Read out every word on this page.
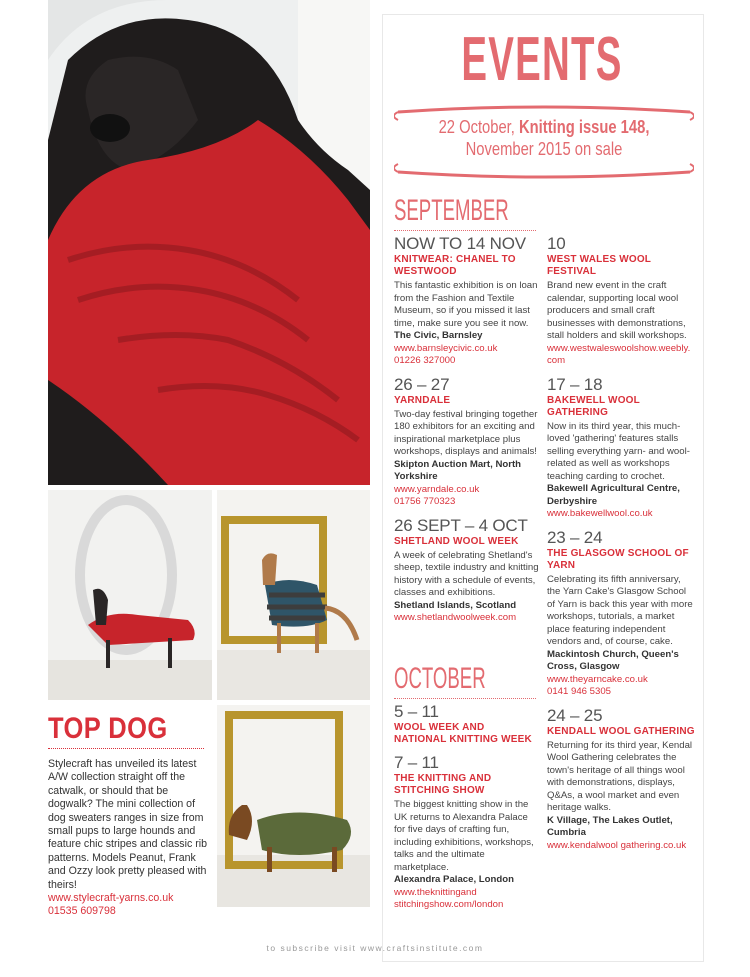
TOP DOG
Stylecraft has unveiled its latest A/W collection straight off the catwalk, or should that be dogwalk? The mini collection of dog sweaters ranges in size from small pups to large hounds and feature chic stripes and classic rib patterns. Models Peanut, Frank and Ozzy look pretty pleased with theirs!
www.stylecraft-yarns.co.uk
01535 609798
EVENTS
22 October, Knitting issue 148,
November 2015 on sale
SEPTEMBER
NOW TO 14 NOV
KNITWEAR: CHANEL TO WESTWOOD
This fantastic exhibition is on loan from the Fashion and Textile Museum, so if you missed it last time, make sure you see it now.
The Civic, Barnsley
www.barnsleycivic.co.uk
01226 327000
26 – 27
YARNDALE
Two-day festival bringing together 180 exhibitors for an exciting and inspirational marketplace plus workshops, displays and animals!
Skipton Auction Mart, North Yorkshire
www.yarndale.co.uk
01756 770323
26 SEPT – 4 OCT
SHETLAND WOOL WEEK
A week of celebrating Shetland's sheep, textile industry and knitting history with a schedule of events, classes and exhibitions.
Shetland Islands, Scotland
www.shetlandwoolweek.com
OCTOBER
5 – 11
WOOL WEEK AND NATIONAL KNITTING WEEK
7 – 11
THE KNITTING AND STITCHING SHOW
The biggest knitting show in the UK returns to Alexandra Palace for five days of crafting fun, including exhibitions, workshops, talks and the ultimate marketplace.
Alexandra Palace, London
www.theknittingand stitchingshow.com/london
10
WEST WALES WOOL FESTIVAL
Brand new event in the craft calendar, supporting local wool producers and small craft businesses with demonstrations, stall holders and skill workshops.
www.westwaleswoolshow.weebly.com
17 – 18
BAKEWELL WOOL GATHERING
Now in its third year, this much-loved 'gathering' features stalls selling everything yarn- and wool-related as well as workshops teaching carding to crochet.
Bakewell Agricultural Centre, Derbyshire
www.bakewellwool.co.uk
23 – 24
THE GLASGOW SCHOOL OF YARN
Celebrating its fifth anniversary, the Yarn Cake's Glasgow School of Yarn is back this year with more workshops, tutorials, a market place featuring independent vendors and, of course, cake.
Mackintosh Church, Queen's Cross, Glasgow
www.theyarncake.co.uk
0141 946 5305
24 – 25
KENDALL WOOL GATHERING
Returning for its third year, Kendal Wool Gathering celebrates the town's heritage of all things wool with demonstrations, displays, Q&As, a wool market and even heritage walks.
K Village, The Lakes Outlet, Cumbria
www.kendalwool gathering.co.uk
to subscribe visit www.craftsinstitute.com
